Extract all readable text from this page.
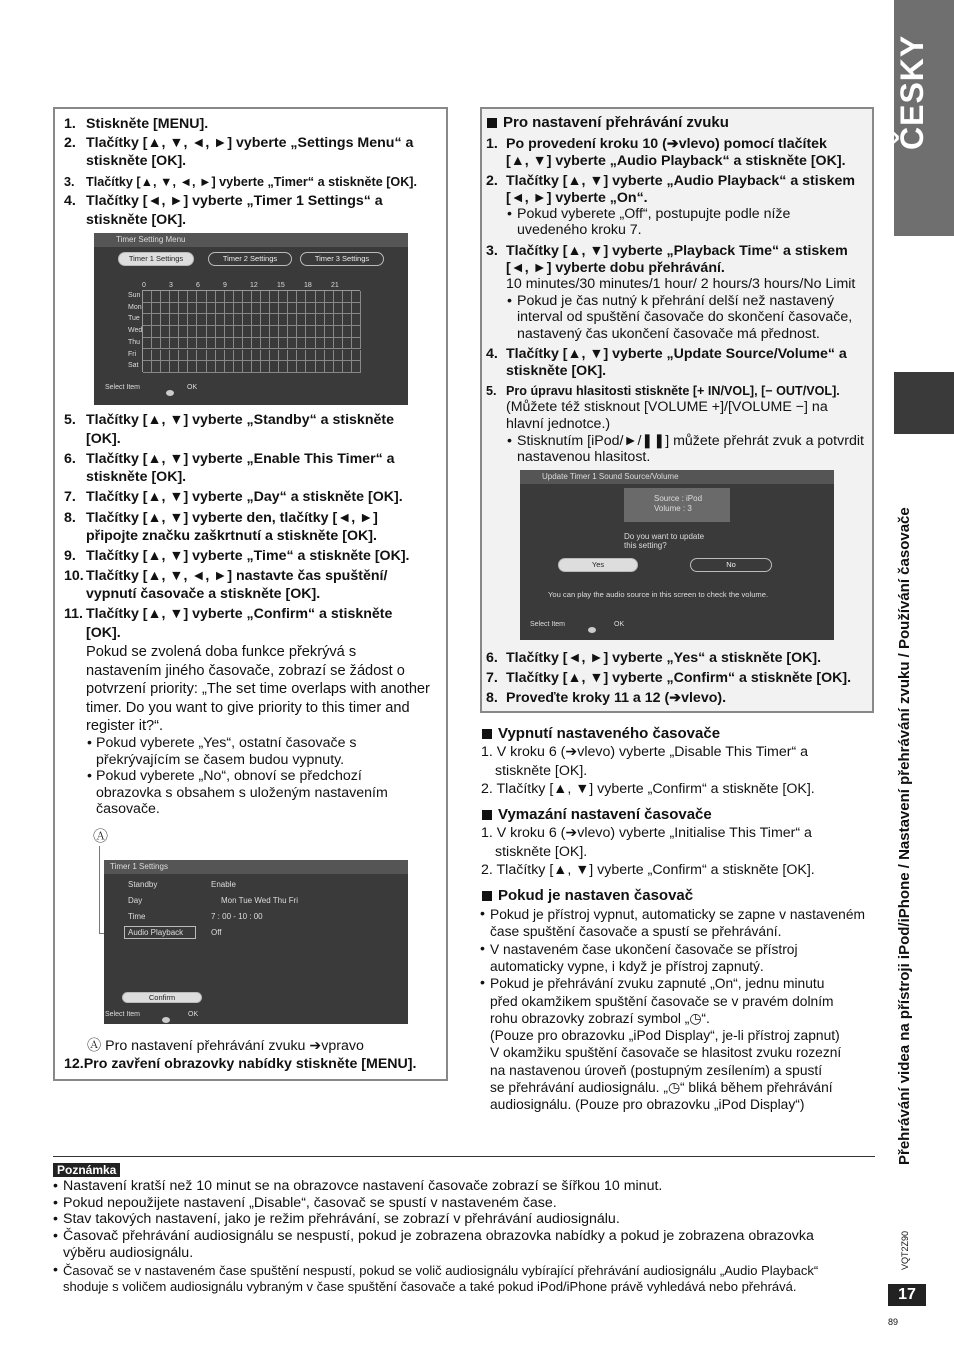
ČESKY
Přehrávání videa na přístroji iPod/iPhone / Nastavení přehrávání zvuku / Používání časovače
VQT2Z90
17
89
1. Stiskněte [MENU].
2. Tlačítky [▲, ▼, ◄, ►] vyberte „Settings Menu“ a
stiskněte [OK].
3. Tlačítky [▲, ▼, ◄, ►] vyberte „Timer“ a stiskněte [OK].
4. Tlačítky [◄, ►] vyberte „Timer 1 Settings“ a
stiskněte [OK].
Timer Setting Menu
Timer 1 Settings	Timer 2 Settings	Timer 3 Settings
0	3	6	9	12	15	18	21
Sun
Mon
Tue
Wed
Thu
Fri
Sat
Select Item	OK
5. Tlačítky [▲, ▼] vyberte „Standby“ a stiskněte
[OK].
6. Tlačítky [▲, ▼] vyberte „Enable This Timer“ a
stiskněte [OK].
7. Tlačítky [▲, ▼] vyberte „Day“ a stiskněte [OK].
8. Tlačítky [▲, ▼] vyberte den, tlačítky [◄, ►]
připojte značku zaškrtnutí a stiskněte [OK].
9. Tlačítky [▲, ▼] vyberte „Time“ a stiskněte [OK].
10. Tlačítky [▲, ▼, ◄, ►] nastavte čas spuštění/
vypnutí časovače a stiskněte [OK].
11. Tlačítky [▲, ▼] vyberte „Confirm“ a stiskněte
[OK].
Pokud se zvolená doba funkce překrývá s
nastavením jiného časovače, zobrazí se žádost o
potvrzení priority: „The set time overlaps with another
timer. Do you want to give priority to this timer and
register it?“.
• Pokud vyberete „Yes“, ostatní časovače s
překrývajícím se časem budou vypnuty.
• Pokud vyberete „No“, obnoví se předchozí
obrazovka s obsahem s uloženým nastavením
časovače.
Ⓐ
Timer 1 Settings
Standby	Enable
Day	Mon Tue Wed Thu Fri
Time	7 : 00 - 10 : 00
Audio Playback	Off
Confirm
Select Item	OK
Ⓐ Pro nastavení přehrávání zvuku ➔vpravo
12.Pro zavření obrazovky nabídky stiskněte [MENU].
Pro nastavení přehrávání zvuku
1. Po provedení kroku 10 (➔vlevo) pomocí tlačítek
[▲, ▼] vyberte „Audio Playback“ a stiskněte [OK].
2. Tlačítky [▲, ▼] vyberte „Audio Playback“ a stiskem
[◄, ►] vyberte „On“.
• Pokud vyberete „Off“, postupujte podle níže
uvedeného kroku 7.
3. Tlačítky [▲, ▼] vyberte „Playback Time“ a stiskem
[◄, ►] vyberte dobu přehrávání.
10 minutes/30 minutes/1 hour/ 2 hours/3 hours/No Limit
• Pokud je čas nutný k přehrání delší než nastavený
interval od spuštění časovače do skončení časovače,
nastavený čas ukončení časovače má přednost.
4. Tlačítky [▲, ▼] vyberte „Update Source/Volume“ a
stiskněte [OK].
5. Pro úpravu hlasitosti stiskněte [+ IN/VOL], [− OUT/VOL].
(Můžete též stisknout [VOLUME +]/[VOLUME −] na
hlavní jednotce.)
• Stisknutím [iPod/►/❚❚] můžete přehrát zvuk a potvrdit
nastavenou hlasitost.
Update Timer 1 Sound Source/Volume
Source : iPod
Volume : 3
Do you want to update
this setting?
Yes	No
You can play the audio source in this screen to check the volume.
Select Item	OK
6. Tlačítky [◄, ►] vyberte „Yes“ a stiskněte [OK].
7. Tlačítky [▲, ▼] vyberte „Confirm“ a stiskněte [OK].
8. Proveďte kroky 11 a 12 (➔vlevo).
Vypnutí nastaveného časovače
1. V kroku 6 (➔vlevo) vyberte „Disable This Timer“ a
stiskněte [OK].
2. Tlačítky [▲, ▼] vyberte „Confirm“ a stiskněte [OK].
Vymazání nastavení časovače
1. V kroku 6 (➔vlevo) vyberte „Initialise This Timer“ a
stiskněte [OK].
2. Tlačítky [▲, ▼] vyberte „Confirm“ a stiskněte [OK].
Pokud je nastaven časovač
• Pokud je přístroj vypnut, automaticky se zapne v nastaveném
čase spuštění časovače a spustí se přehrávání.
• V nastaveném čase ukončení časovače se přístroj
automaticky vypne, i když je přístroj zapnutý.
• Pokud je přehrávání zvuku zapnuté „On“, jednu minutu
před okamžikem spuštění časovače se v pravém dolním
rohu obrazovky zobrazí symbol „◷“.
(Pouze pro obrazovku „iPod Display“, je-li přístroj zapnut)
V okamžiku spuštění časovače se hlasitost zvuku rozezní
na nastavenou úroveň (postupným zesílením) a spustí
se přehrávání audiosignálu. „◷“ bliká během přehrávání
audiosignálu. (Pouze pro obrazovku „iPod Display“)
Poznámka
• Nastavení kratší než 10 minut se na obrazovce nastavení časovače zobrazí se šířkou 10 minut.
• Pokud nepoužijete nastavení „Disable“, časovač se spustí v nastaveném čase.
• Stav takových nastavení, jako je režim přehrávání, se zobrazí v přehrávání audiosignálu.
• Časovač přehrávání audiosignálu se nespustí, pokud je zobrazena obrazovka nabídky a pokud je zobrazena obrazovka
výběru audiosignálu.
• Časovač se v nastaveném čase spuštění nespustí, pokud se volič audiosignálu vybírající přehrávání audiosignálu „Audio Playback“
shoduje s voličem audiosignálu vybraným v čase spuštění časovače a také pokud iPod/iPhone právě vyhledává nebo přehrává.
